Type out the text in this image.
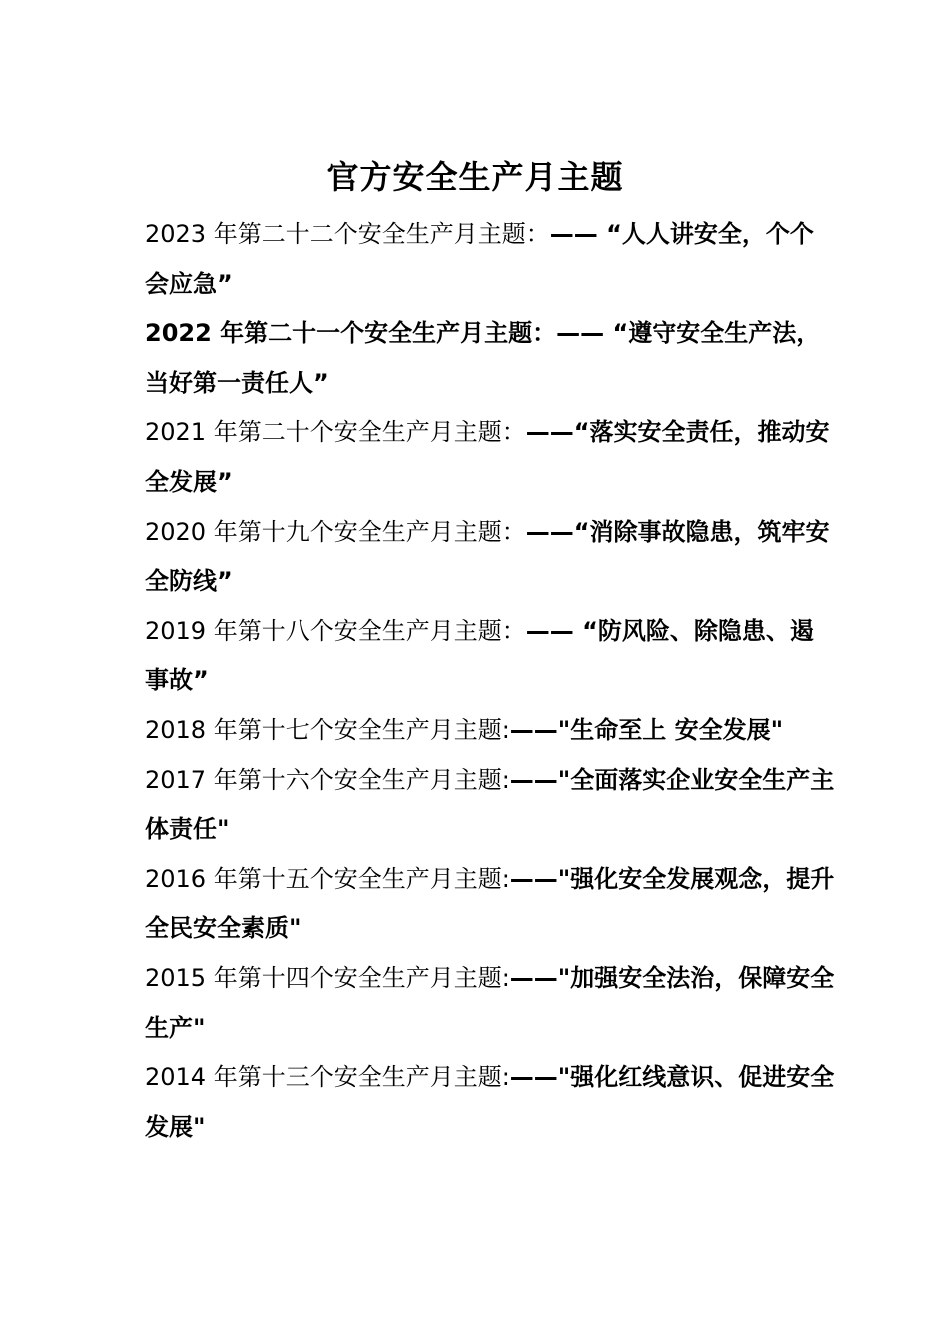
官方安全生产月主题

2023 年第二十二个安全生产月主题：—— “人人讲安全，个个会应急”

2022 年第二十一个安全生产月主题：—— “遵守安全生产法，当好第一责任人”

2021 年第二十个安全生产月主题：——“落实安全责任，推动安全发展”

2020 年第十九个安全生产月主题：——“消除事故隐患，筑牢安全防线”

2019 年第十八个安全生产月主题：—— “防风险、除隐患、遏事故”

2018 年第十七个安全生产月主题:——"生命至上 安全发展"

2017 年第十六个安全生产月主题:——"全面落实企业安全生产主体责任"

2016 年第十五个安全生产月主题:——"强化安全发展观念，提升全民安全素质"

2015 年第十四个安全生产月主题:——"加强安全法治，保障安全生产"

2014 年第十三个安全生产月主题:——"强化红线意识、促进安全发展"
